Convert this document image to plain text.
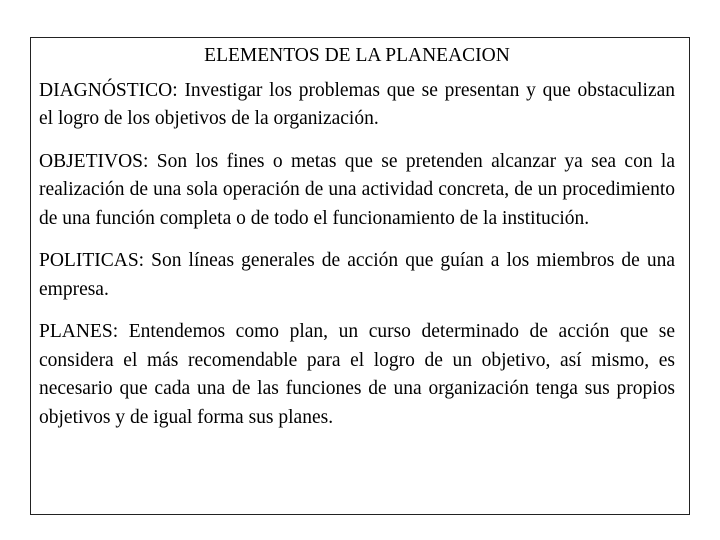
ELEMENTOS DE LA PLANEACION

DIAGNÓSTICO: Investigar los problemas que se presentan y que obstaculizan el logro de los objetivos de la organización.

OBJETIVOS: Son los fines o metas que se pretenden alcanzar ya sea con la realización de una sola operación de una actividad concreta, de un procedimiento de una función completa o de todo el funcionamiento de la institución.

POLITICAS: Son líneas generales de acción que guían a los miembros de una empresa.

PLANES: Entendemos como plan, un curso determinado de acción que se considera el más recomendable para el logro de un objetivo, así mismo, es necesario que cada una de las funciones de una organización tenga sus propios objetivos y de igual forma sus planes.
